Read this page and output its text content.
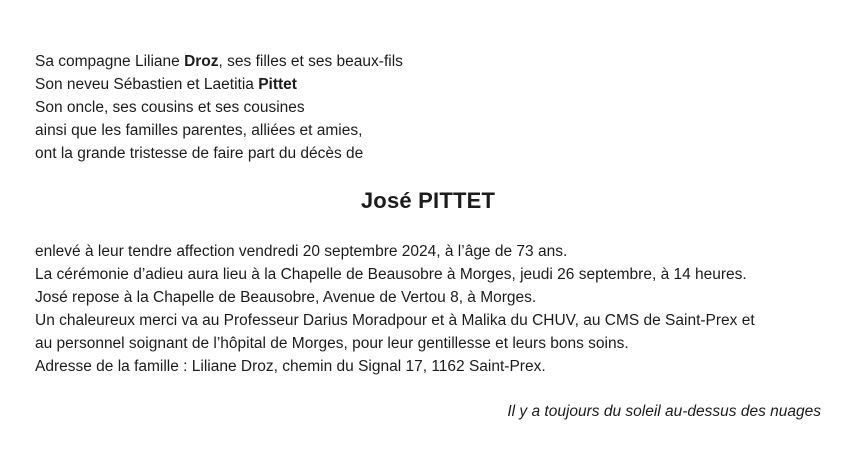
Sa compagne Liliane Droz, ses filles et ses beaux-fils
Son neveu Sébastien et Laetitia Pittet
Son oncle, ses cousins et ses cousines
ainsi que les familles parentes, alliées et amies,
ont la grande tristesse de faire part du décès de
José PITTET
enlevé à leur tendre affection vendredi 20 septembre 2024, à l’âge de 73 ans.
La cérémonie d’adieu aura lieu à la Chapelle de Beausobre à Morges, jeudi 26 septembre, à 14 heures.
José repose à la Chapelle de Beausobre, Avenue de Vertou 8, à Morges.
Un chaleureux merci va au Professeur Darius Moradpour et à Malika du CHUV, au CMS de Saint-Prex et
au personnel soignant de l’hôpital de Morges, pour leur gentillesse et leurs bons soins.
Adresse de la famille : Liliane Droz, chemin du Signal 17, 1162 Saint-Prex.
Il y a toujours du soleil au-dessus des nuages
